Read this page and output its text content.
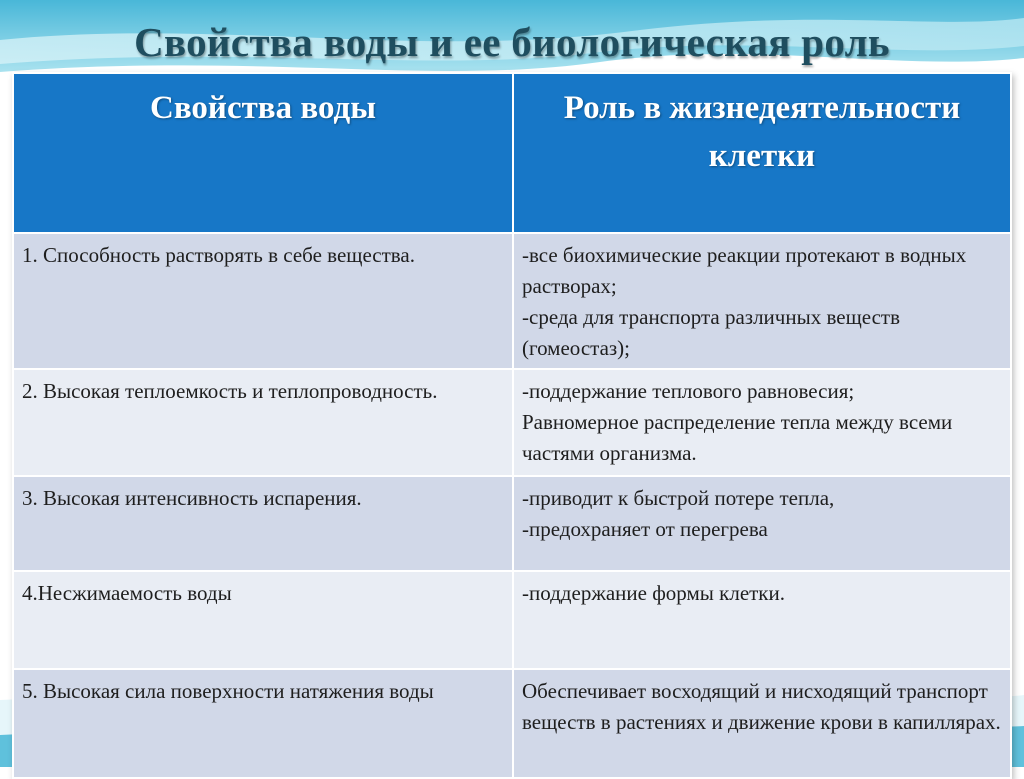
Свойства воды и ее биологическая роль
Свойства воды	Роль в жизнедеятельности клетки
1. Способность растворять в себе вещества.	-все биохимические реакции протекают в водных растворах;
-среда для транспорта различных веществ (гомеостаз);
2. Высокая теплоемкость и теплопроводность.	-поддержание теплового равновесия;
Равномерное распределение тепла между всеми частями организма.
3. Высокая интенсивность испарения.	-приводит к быстрой потере тепла,
-предохраняет от перегрева
4.Несжимаемость воды	-поддержание формы клетки.
5. Высокая сила поверхности натяжения воды	Обеспечивает восходящий и нисходящий транспорт веществ в растениях и движение крови в капиллярах.
